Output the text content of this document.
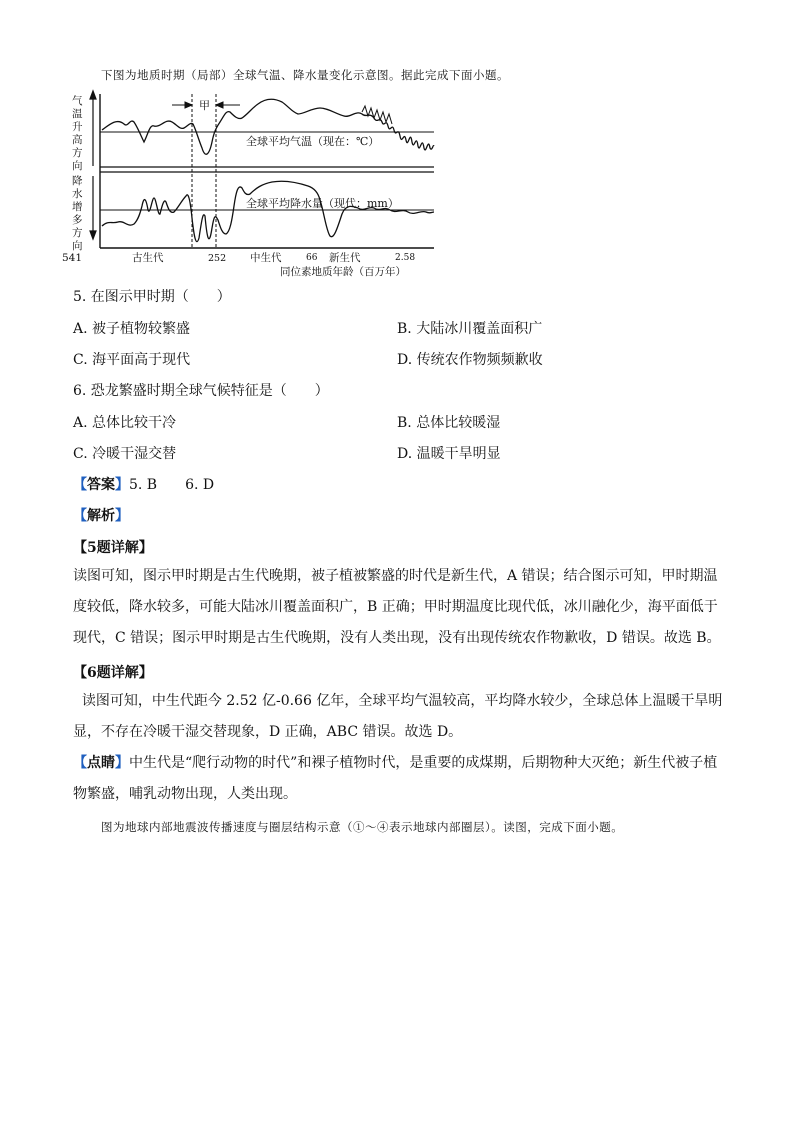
下图为地质时期（局部）全球气温、降水量变化示意图。据此完成下面小题。
气
温
升
高
方
向
降
水
增
多
方
向
甲
全球平均气温（现在：℃）
全球平均降水量（现代：mm）
541	古生代	252 中生代	66 新生代	2.58
同位素地质年龄（百万年）
5. 在图示甲时期（　　）
A. 被子植物较繁盛	B. 大陆冰川覆盖面积广
C. 海平面高于现代	D. 传统农作物频频歉收
6. 恐龙繁盛时期全球气候特征是（　　）
A. 总体比较干冷	B. 总体比较暖湿
C. 冷暖干湿交替	D. 温暖干旱明显
【答案】5. B　　6. D
【解析】
【5题详解】
读图可知，图示甲时期是古生代晚期，被子植被繁盛的时代是新生代，A 错误；结合图示可知，甲时期温
度较低，降水较多，可能大陆冰川覆盖面积广，B 正确；甲时期温度比现代低，冰川融化少，海平面低于
现代，C 错误；图示甲时期是古生代晚期，没有人类出现，没有出现传统农作物歉收，D 错误。故选 B。
【6题详解】
读图可知，中生代距今 2.52 亿-0.66 亿年，全球平均气温较高，平均降水较少，全球总体上温暖干旱明
显，不存在冷暖干湿交替现象，D 正确，ABC 错误。故选 D。
【点睛】中生代是“爬行动物的时代”和裸子植物时代，是重要的成煤期，后期物种大灭绝；新生代被子植
物繁盛，哺乳动物出现，人类出现。
图为地球内部地震波传播速度与圈层结构示意（①～④表示地球内部圈层）。读图，完成下面小题。
